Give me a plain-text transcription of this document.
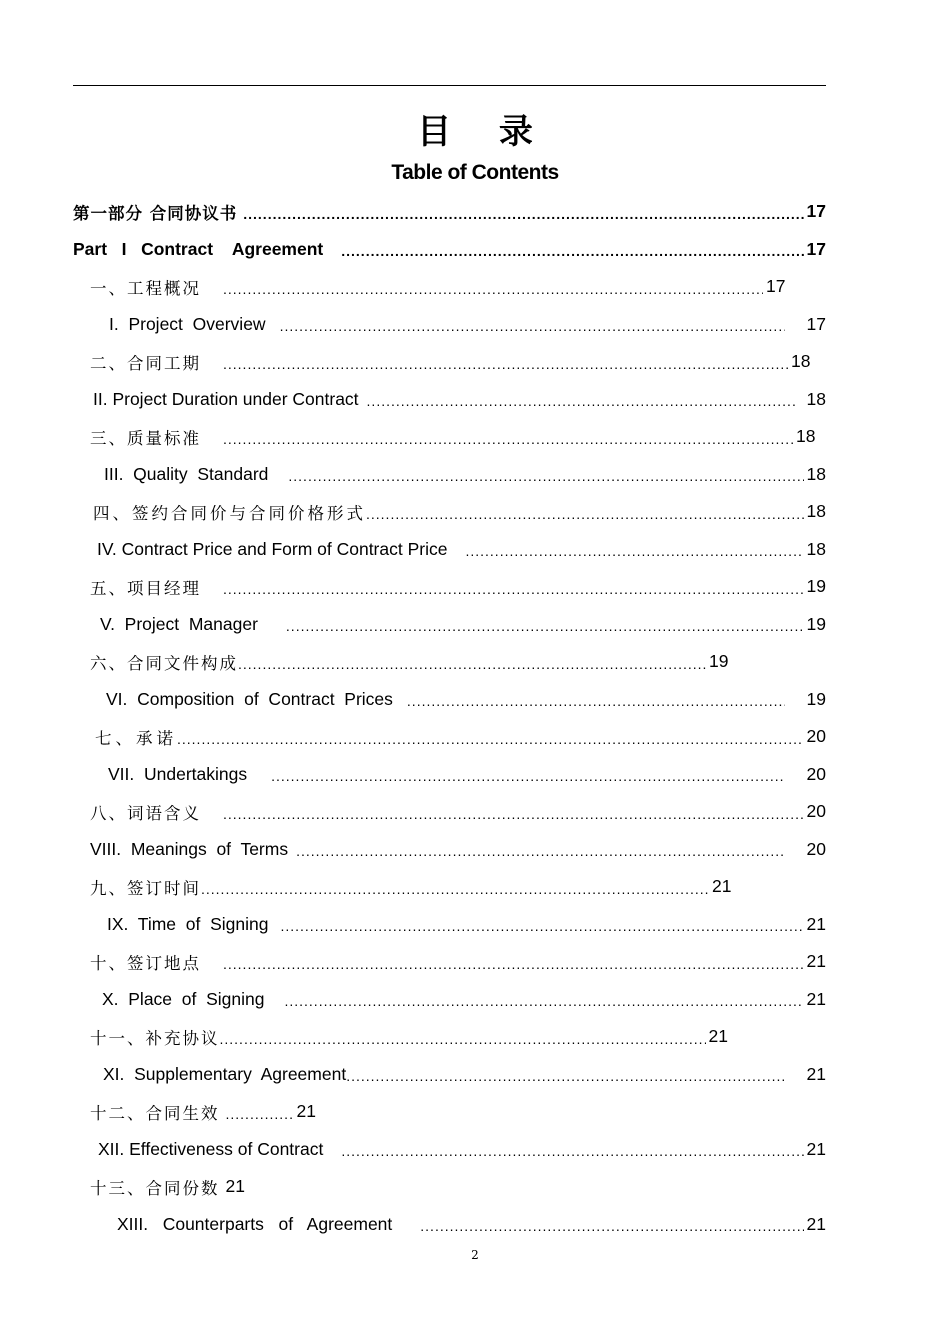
目 录
Table of Contents
第一部分 合同协议书 .....	17
Part   I   Contract    Agreement .....	17
一、工程概况 .....	17
I.  Project  Overview .....	17
二、合同工期 .....	18
II. Project Duration under Contract .....	18
三、质量标准 .....	18
III.  Quality  Standard .....	18
四、签约合同价与合同价格形式 .....	18
IV. Contract Price and Form of Contract Price .....	18
五、项目经理 .....	19
V.  Project  Manager .....	19
六、合同文件构成 .....	19
VI.  Composition  of  Contract  Prices .....	19
七、承诺 .....	20
VII.  Undertakings .....	20
八、词语含义 .....	20
VIII.  Meanings  of  Terms .....	20
九、签订时间 .....	21
IX.  Time  of  Signing .....	21
十、签订地点 .....	21
X.  Place  of  Signing .....	21
十一、补充协议 .....	21
XI.  Supplementary  Agreement .....	21
十二、合同生效 .....	21
XII. Effectiveness of Contract .....	21
十三、合同份数 21
XIII.   Counterparts   of   Agreement .....	21
2
